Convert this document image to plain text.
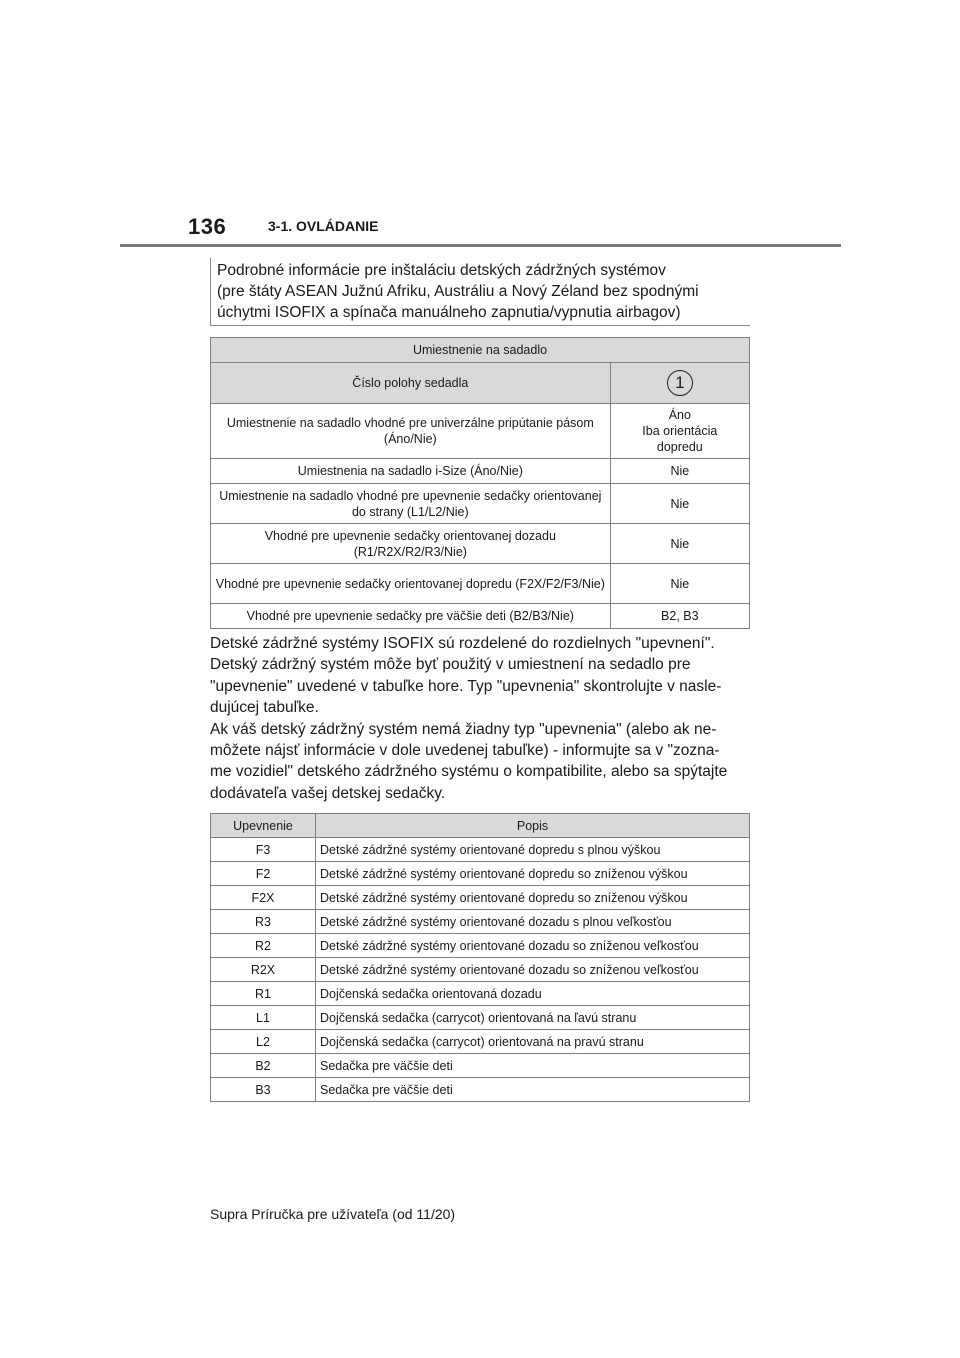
136	3-1. OVLÁDANIE
Podrobné informácie pre inštaláciu detských zádržných systémov
(pre štáty ASEAN Južnú Afriku, Austráliu a Nový Zéland bez spodnými
úchytmi ISOFIX a spínača manuálneho zapnutia/vypnutia airbagov)
Umiestnenie na sadadlo	
Číslo polohy sedadla	1
Umiestnenie na sadadlo vhodné pre univerzálne pripútanie pásom (Áno/Nie)	Áno
Iba orientácia
dopredu

Umiestnenia na sadadlo i-Size (Áno/Nie)	Nie
Umiestnenie na sadadlo vhodné pre upevnenie sedačky orientovanej do strany (L1/L2/Nie)	Nie
Vhodné pre upevnenie sedačky orientovanej dozadu (R1/R2X/R2/R3/Nie)	Nie
Vhodné pre upevnenie sedačky orientovanej dopredu (F2X/F2/F3/Nie)	Nie
Vhodné pre upevnenie sedačky pre väčšie deti (B2/B3/Nie)	B2, B3

Detské zádržné systémy ISOFIX sú rozdelené do rozdielnych "upevnení".

Detský zádržný systém môže byť použitý v umiestnení na sedadlo pre

"upevnenie" uvedené v tabuľke hore. Typ "upevnenia" skontrolujte v nasle-

dujúcej tabuľke.

Ak váš detský zádržný systém nemá žiadny typ "upevnenia" (alebo ak ne-

môžete nájsť informácie v dole uvedenej tabuľke) - informujte sa v "zozna-

me vozidiel" detského zádržného systému o kompatibilite, alebo sa spýtajte

dodávateľa vašej detskej sedačky.

Upevnenie	Popis
F3	Detské zádržné systémy orientované dopredu s plnou výškou
F2	Detské zádržné systémy orientované dopredu so zníženou výškou
F2X	Detské zádržné systémy orientované dopredu so zníženou výškou
R3	Detské zádržné systémy orientované dozadu s plnou veľkosťou
R2	Detské zádržné systémy orientované dozadu so zníženou veľkosťou
R2X	Detské zádržné systémy orientované dozadu so zníženou veľkosťou
R1	Dojčenská sedačka orientovaná dozadu
L1	Dojčenská sedačka (carrycot) orientovaná na ľavú stranu
L2	Dojčenská sedačka (carrycot) orientovaná na pravú stranu
B2	Sedačka pre väčšie deti
B3	Sedačka pre väčšie deti
Supra Príručka pre užívateľa (od 11/20)
